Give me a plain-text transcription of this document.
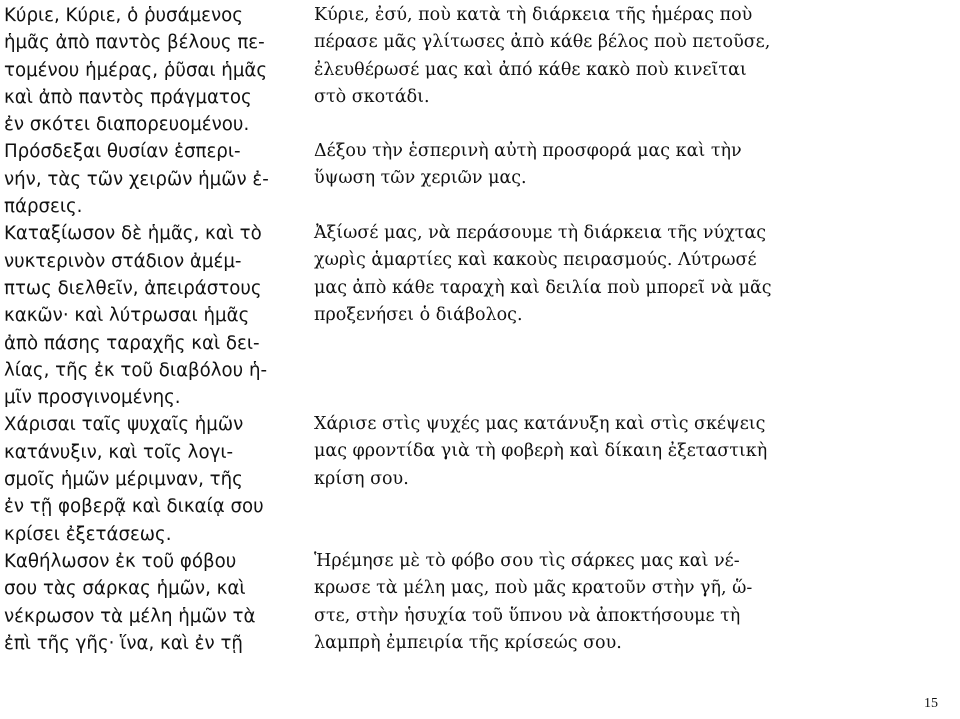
Κύριε, Κύριε, ὁ ῥυσάμενος
ἡμᾶς ἀπὸ παντὸς βέλους πε-
τομένου ἡμέρας, ῥῦσαι ἡμᾶς
καὶ ἀπὸ παντὸς πράγματος
ἐν σκότει διαπορευομένου.
Πρόσδεξαι θυσίαν ἑσπερι-
νήν, τὰς τῶν χειρῶν ἡμῶν ἐ-
πάρσεις.
Καταξίωσον δὲ ἡμᾶς, καὶ τὸ
νυκτερινὸν στάδιον ἀμέμ-
πτως διελθεῖν, ἀπειράστους
κακῶν· καὶ λύτρωσαι ἡμᾶς
ἀπὸ πάσης ταραχῆς καὶ δει-
λίας, τῆς ἐκ τοῦ διαβόλου ἡ-
μῖν προσγινομένης.
Χάρισαι ταῖς ψυχαῖς ἡμῶν
κατάνυξιν, καὶ τοῖς λογι-
σμοῖς ἡμῶν μέριμναν, τῆς
ἐν τῇ φοβερᾷ καὶ δικαίᾳ σου
κρίσει ἐξετάσεως.
Καθήλωσον ἐκ τοῦ φόβου
σου τὰς σάρκας ἡμῶν, καὶ
νέκρωσον τὰ μέλη ἡμῶν τὰ
ἐπὶ τῆς γῆς· ἵνα, καὶ ἐν τῇ
Κύριε, ἐσύ, ποὺ κατὰ τὴ διάρκεια τῆς ἡμέρας ποὺ
πέρασε μᾶς γλίτωσες ἀπὸ κάθε βέλος ποὺ πετοῦσε,
ἐλευθέρωσέ μας καὶ ἀπό κάθε κακὸ ποὺ κινεῖται
στὸ σκοτάδι.
Δέξου τὴν ἑσπερινὴ αὐτὴ προσφορά μας καὶ τὴν
ὕψωση τῶν χεριῶν μας.
Ἀξίωσέ μας, νὰ περάσουμε τὴ διάρκεια τῆς νύχτας
χωρὶς ἁμαρτίες καὶ κακοὺς πειρασμούς. Λύτρωσέ
μας ἀπὸ κάθε ταραχὴ καὶ δειλία ποὺ μπορεῖ νὰ μᾶς
προξενήσει ὁ διάβολος.
Χάρισε στὶς ψυχές μας κατάνυξη καὶ στὶς σκέψεις
μας φροντίδα γιὰ τὴ φοβερὴ καὶ δίκαιη ἐξεταστικὴ
κρίση σου.
Ἡρέμησε μὲ τὸ φόβο σου τὶς σάρκες μας καὶ νέ-
κρωσε τὰ μέλη μας, ποὺ μᾶς κρατοῦν στὴν γῆ, ὥ-
στε, στὴν ἡσυχία τοῦ ὕπνου νὰ ἀποκτήσουμε τὴ
λαμπρὴ ἐμπειρία τῆς κρίσεώς σου.
15
